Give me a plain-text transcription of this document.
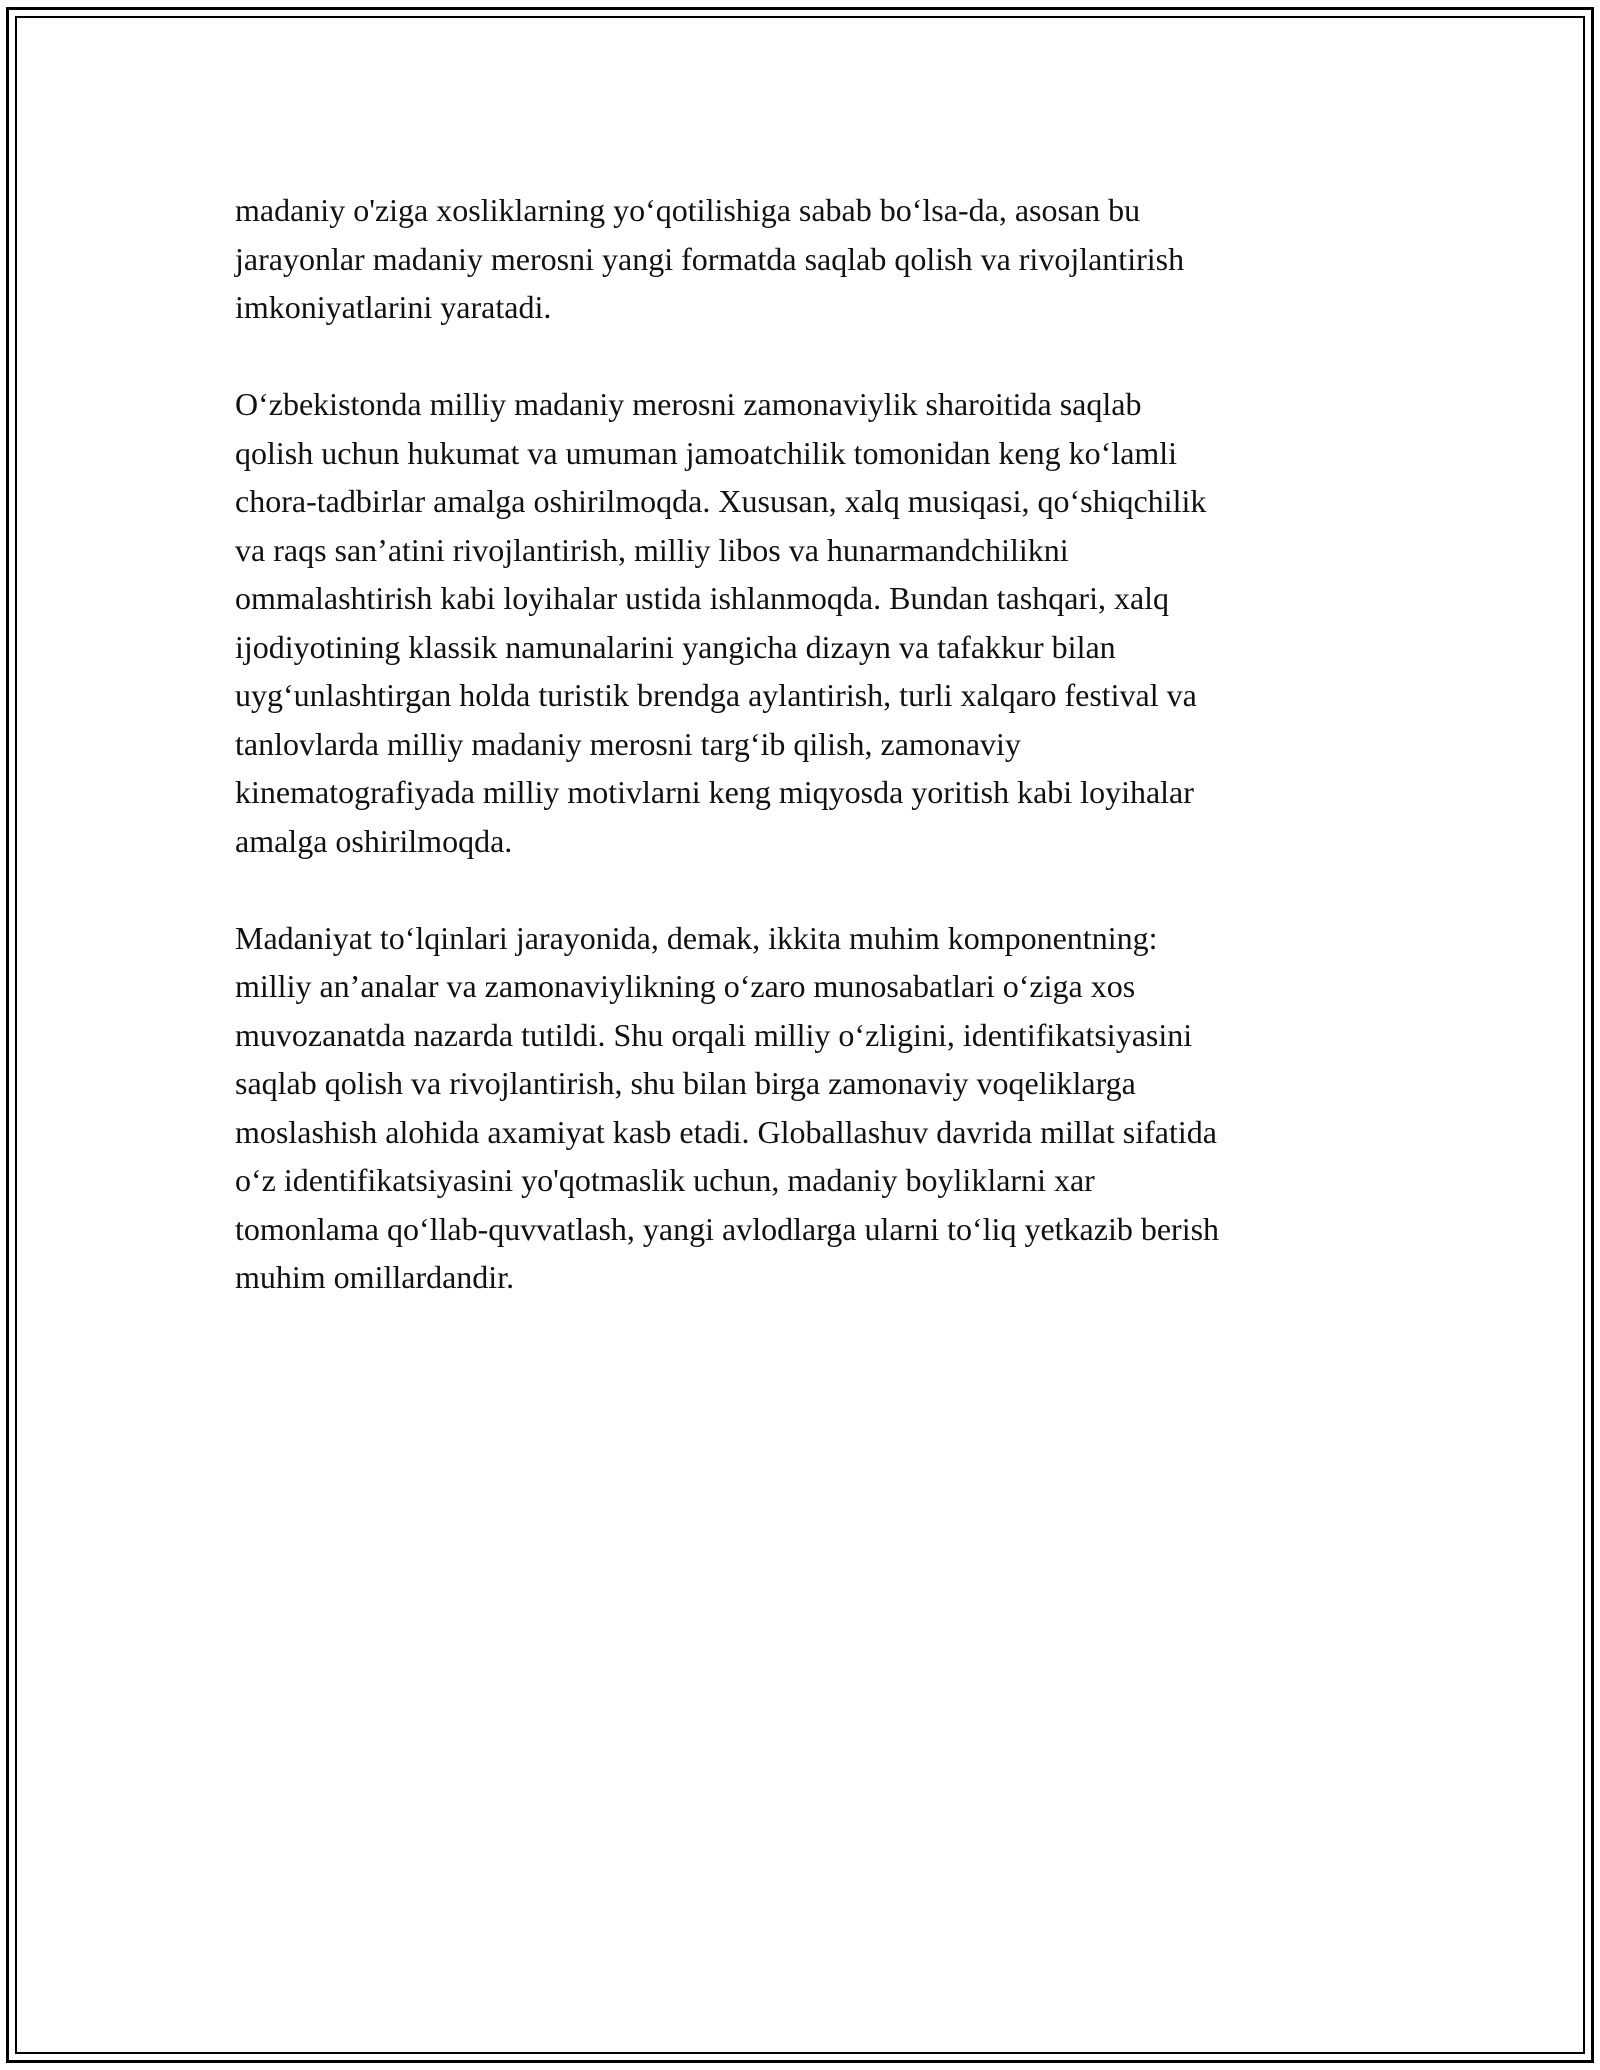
madaniy o'ziga xosliklarning yo‘qotilishiga sabab bo‘lsa-da, asosan bu
jarayonlar madaniy merosni yangi formatda saqlab qolish va rivojlantirish
imkoniyatlarini yaratadi.

O‘zbekistonda milliy madaniy merosni zamonaviylik sharoitida saqlab
qolish uchun hukumat va umuman jamoatchilik tomonidan keng ko‘lamli
chora-tadbirlar amalga oshirilmoqda. Xususan, xalq musiqasi, qo‘shiqchilik
va raqs san’atini rivojlantirish, milliy libos va hunarmandchilikni
ommalashtirish kabi loyihalar ustida ishlanmoqda. Bundan tashqari, xalq
ijodiyotining klassik namunalarini yangicha dizayn va tafakkur bilan
uyg‘unlashtirgan holda turistik brendga aylantirish, turli xalqaro festival va
tanlovlarda milliy madaniy merosni targ‘ib qilish, zamonaviy
kinematografiyada milliy motivlarni keng miqyosda yoritish kabi loyihalar
amalga oshirilmoqda.

Madaniyat to‘lqinlari jarayonida, demak, ikkita muhim komponentning:
milliy an’analar va zamonaviylikning o‘zaro munosabatlari o‘ziga xos
muvozanatda nazarda tutildi. Shu orqali milliy o‘zligini, identifikatsiyasini
saqlab qolish va rivojlantirish, shu bilan birga zamonaviy voqeliklarga
moslashish alohida axamiyat kasb etadi. Globallashuv davrida millat sifatida
o‘z identifikatsiyasini yo'qotmaslik uchun, madaniy boyliklarni xar
tomonlama qo‘llab-quvvatlash, yangi avlodlarga ularni to‘liq yetkazib berish
muhim omillardandir.
